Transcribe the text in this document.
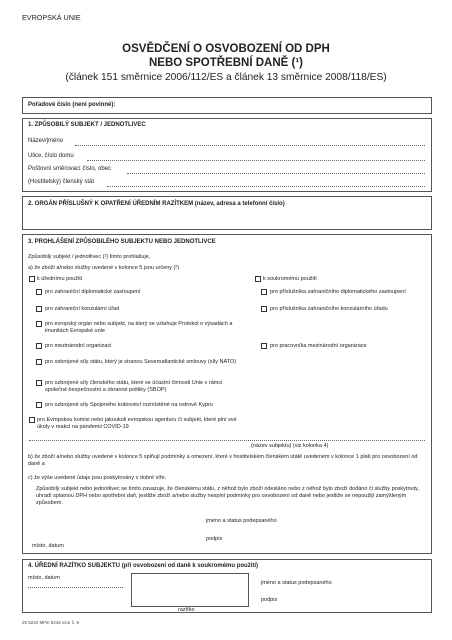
EVROPSKÁ UNIE
OSVĚDČENÍ O OSVOBOZENÍ OD DPH
NEBO SPOTŘEBNÍ DANĚ (¹)
(článek 151 směrnice 2006/112/ES a článek 13 směrnice 2008/118/ES)
Pořadové číslo (není povinné):
1. ZPŮSOBILÝ SUBJEKT / JEDNOTLIVEC
Název/jméno
Ulice, číslo domu
Poštovní směrovací číslo, obec
(Hostitelský) členský stát
2. ORGÁN PŘÍSLUŠNÝ K OPATŘENÍ ÚŘEDNÍM RAZÍTKEM (název, adresa a telefonní číslo)
3. PROHLÁŠENÍ ZPŮSOBILÉHO SUBJEKTU NEBO JEDNOTLIVCE
Způsobilý subjekt / jednotlivec (¹) tímto prohlašuje,
a) že zboží a/nebo služby uvedené v kolonce 5 jsou určeny (²)
k úřednímu použití	k soukromému použití
pro zahraniční diplomatické zastoupení
pro zahraniční konzulární úřad
pro evropský orgán nebo subjekt, na který se vztahuje Protokol o výsadách a imunitách Evropské unie
pro mezinárodní organizaci
pro ozbrojené síly státu, který je stranou Severoatlantické smlouvy (síly NATO)
pro ozbrojené síly členského státu, které se účastní činnosti Unie v rámci společné bezpečnostní a obranné politiky (SBOP)
pro ozbrojené síly Spojeného království rozmístěné na ostrově Kypru
pro příslušníka zahraničního diplomatického zastoupení
pro příslušníka zahraničního konzulárního úřadu
pro pracovníka mezinárodní organizace
pro Evropskou komisi nebo jakoukoli evropskou agenturu či subjekt, které plní své úkoly v reakci na pandemii COVID-19
(název subjektu) (viz kolonka 4)
b) že zboží a/nebo služby uvedené v kolonce 5 splňují podmínky a omezení, které v hostitelském členském státě uvedeném v kolonce 1 platí pro osvobození od daně a
c) že výše uvedené údaje jsou poskytovány v dobré víře.
Způsobilý subjekt nebo jednotlivec se tímto zavazuje, že členskému státu, z něhož bylo zboží odesláno nebo z něhož bylo zboží dodáno či služby poskytnuty, uhradí splatnou DPH nebo spotřební daň, jestliže zboží a/nebo služby nesplní podmínky pro osvobození od daně nebo jestliže se nepoužijí zamýšleným způsobem.
jméno a status podepsaného
podpis
místo, datum
4. ÚŘEDNÍ RAZÍTKO SUBJEKTU (při osvobození od daně k soukromému použití)
místo, datum
razítko
jméno a status podepsaného
podpis
25 5242 MFin 5242 vzor č. 5
